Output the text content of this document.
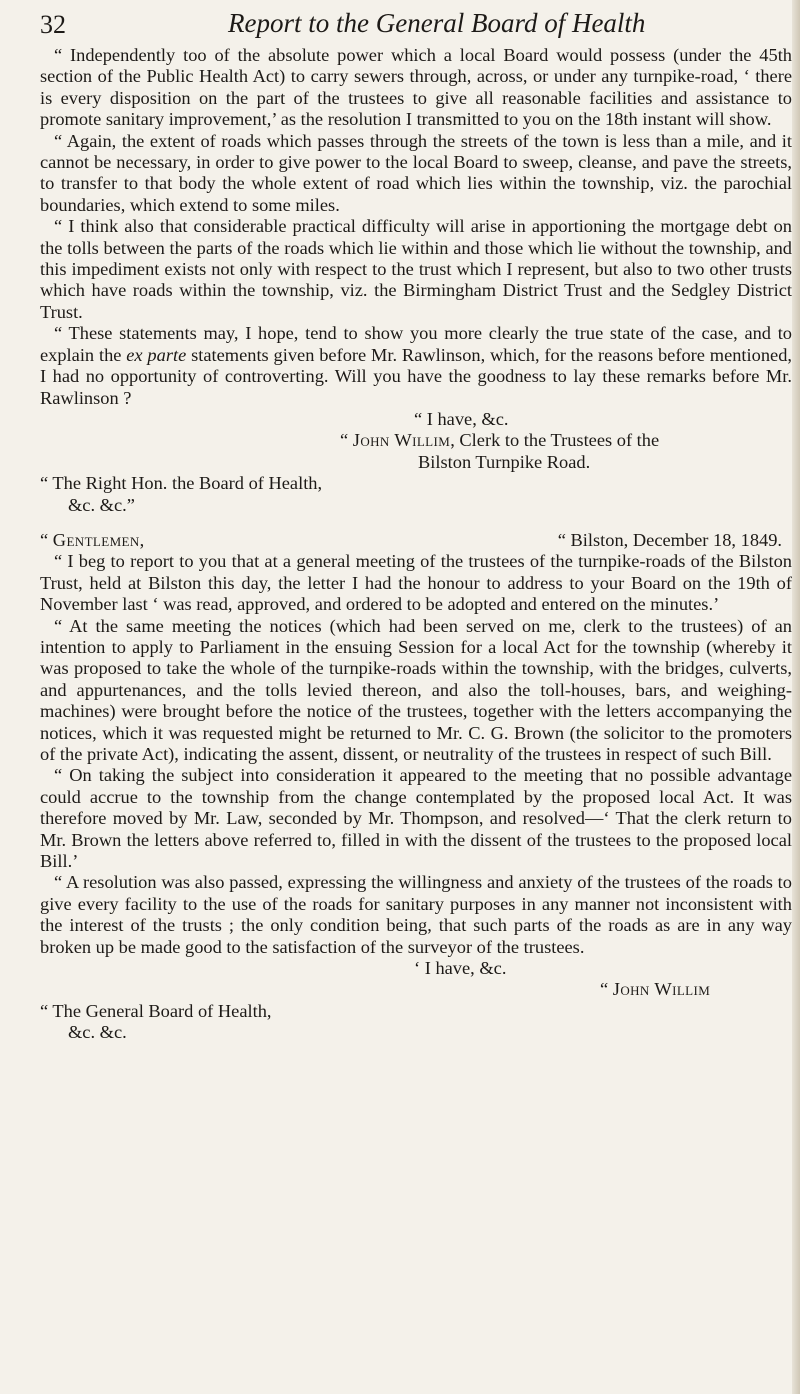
32	Report to the General Board of Health

“ Independently too of the absolute power which a local Board would possess (under the 45th section of the Public Health Act) to carry sewers through, across, or under any turnpike-road, ‘ there is every disposition on the part of the trustees to give all reasonable facilities and assistance to promote sanitary improvement,’ as the resolution I transmitted to you on the 18th instant will show.

“ Again, the extent of roads which passes through the streets of the town is less than a mile, and it cannot be necessary, in order to give power to the local Board to sweep, cleanse, and pave the streets, to transfer to that body the whole extent of road which lies within the township, viz. the parochial boundaries, which extend to some miles.

“ I think also that considerable practical difficulty will arise in apportioning the mortgage debt on the tolls between the parts of the roads which lie within and those which lie without the township, and this impediment exists not only with respect to the trust which I represent, but also to two other trusts which have roads within the township, viz. the Birmingham District Trust and the Sedgley District Trust.

“ These statements may, I hope, tend to show you more clearly the true state of the case, and to explain the ex parte statements given before Mr. Rawlinson, which, for the reasons before mentioned, I had no opportunity of controverting. Will you have the goodness to lay these remarks before Mr. Rawlinson ?

“ I have, &c.

“ John Willim, Clerk to the Trustees of the

Bilston Turnpike Road.

“ The Right Hon. the Board of Health,

&c. &c.”

“ Gentlemen,	“ Bilston, December 18, 1849.

“ I beg to report to you that at a general meeting of the trustees of the turnpike-roads of the Bilston Trust, held at Bilston this day, the letter I had the honour to address to your Board on the 19th of November last ‘ was read, approved, and ordered to be adopted and entered on the minutes.’

“ At the same meeting the notices (which had been served on me, clerk to the trustees) of an intention to apply to Parliament in the ensuing Session for a local Act for the township (whereby it was proposed to take the whole of the turnpike-roads within the township, with the bridges, culverts, and appurtenances, and the tolls levied thereon, and also the toll-houses, bars, and weighing-machines) were brought before the notice of the trustees, together with the letters accompanying the notices, which it was requested might be returned to Mr. C. G. Brown (the solicitor to the promoters of the private Act), indicating the assent, dissent, or neutrality of the trustees in respect of such Bill.

“ On taking the subject into consideration it appeared to the meeting that no possible advantage could accrue to the township from the change contemplated by the proposed local Act. It was therefore moved by Mr. Law, seconded by Mr. Thompson, and resolved—‘ That the clerk return to Mr. Brown the letters above referred to, filled in with the dissent of the trustees to the proposed local Bill.’

“ A resolution was also passed, expressing the willingness and anxiety of the trustees of the roads to give every facility to the use of the roads for sanitary purposes in any manner not inconsistent with the interest of the trusts ; the only condition being, that such parts of the roads as are in any way broken up be made good to the satisfaction of the surveyor of the trustees.

‘ I have, &c.

“ John Willim

“ The General Board of Health,

&c. &c.
